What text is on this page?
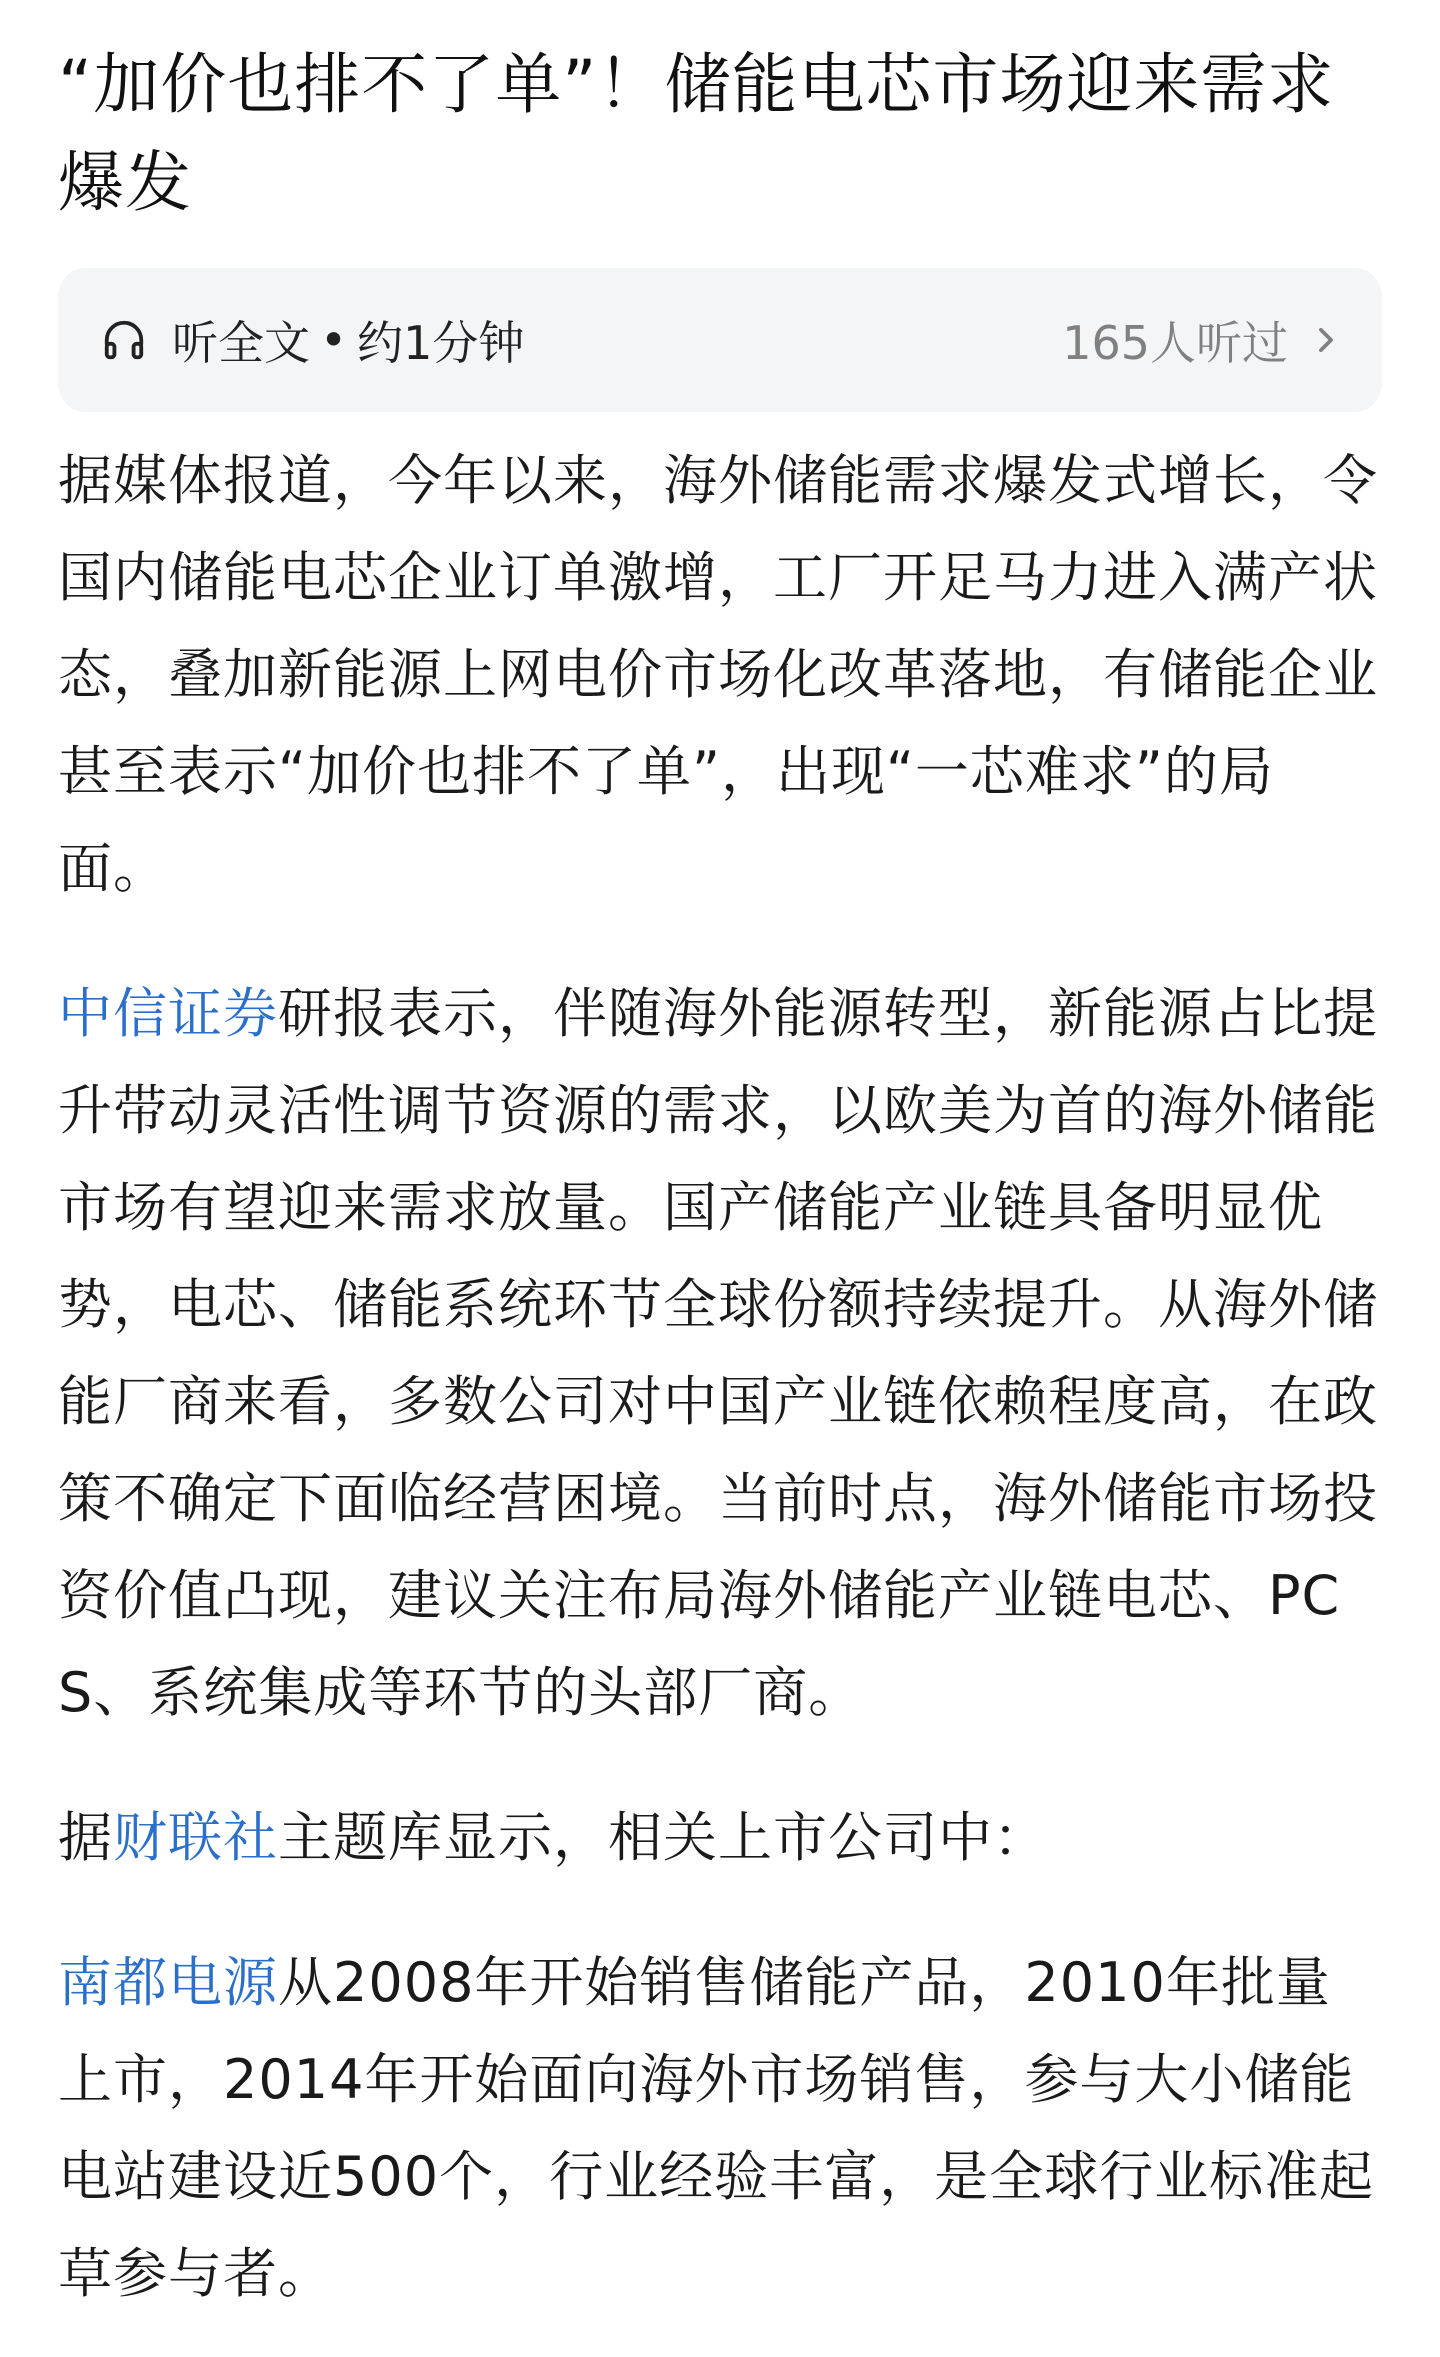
“加价也排不了单”！储能电芯市场迎来需求爆发
听全文 • 约1分钟	165人听过

据媒体报道，今年以来，海外储能需求爆发式增长，令国内储能电芯企业订单激增，工厂开足马力进入满产状态，叠加新能源上网电价市场化改革落地，有储能企业甚至表示“加价也排不了单”，出现“一芯难求”的局面。

中信证券研报表示，伴随海外能源转型，新能源占比提升带动灵活性调节资源的需求，以欧美为首的海外储能市场有望迎来需求放量。国产储能产业链具备明显优势，电芯、储能系统环节全球份额持续提升。从海外储能厂商来看，多数公司对中国产业链依赖程度高，在政策不确定下面临经营困境。当前时点，海外储能市场投资价值凸现，建议关注布局海外储能产业链电芯、PCS、系统集成等环节的头部厂商。

据财联社主题库显示，相关上市公司中：

南都电源从2008年开始销售储能产品，2010年批量上市，2014年开始面向海外市场销售，参与大小储能电站建设近500个，行业经验丰富，是全球行业标准起草参与者。
